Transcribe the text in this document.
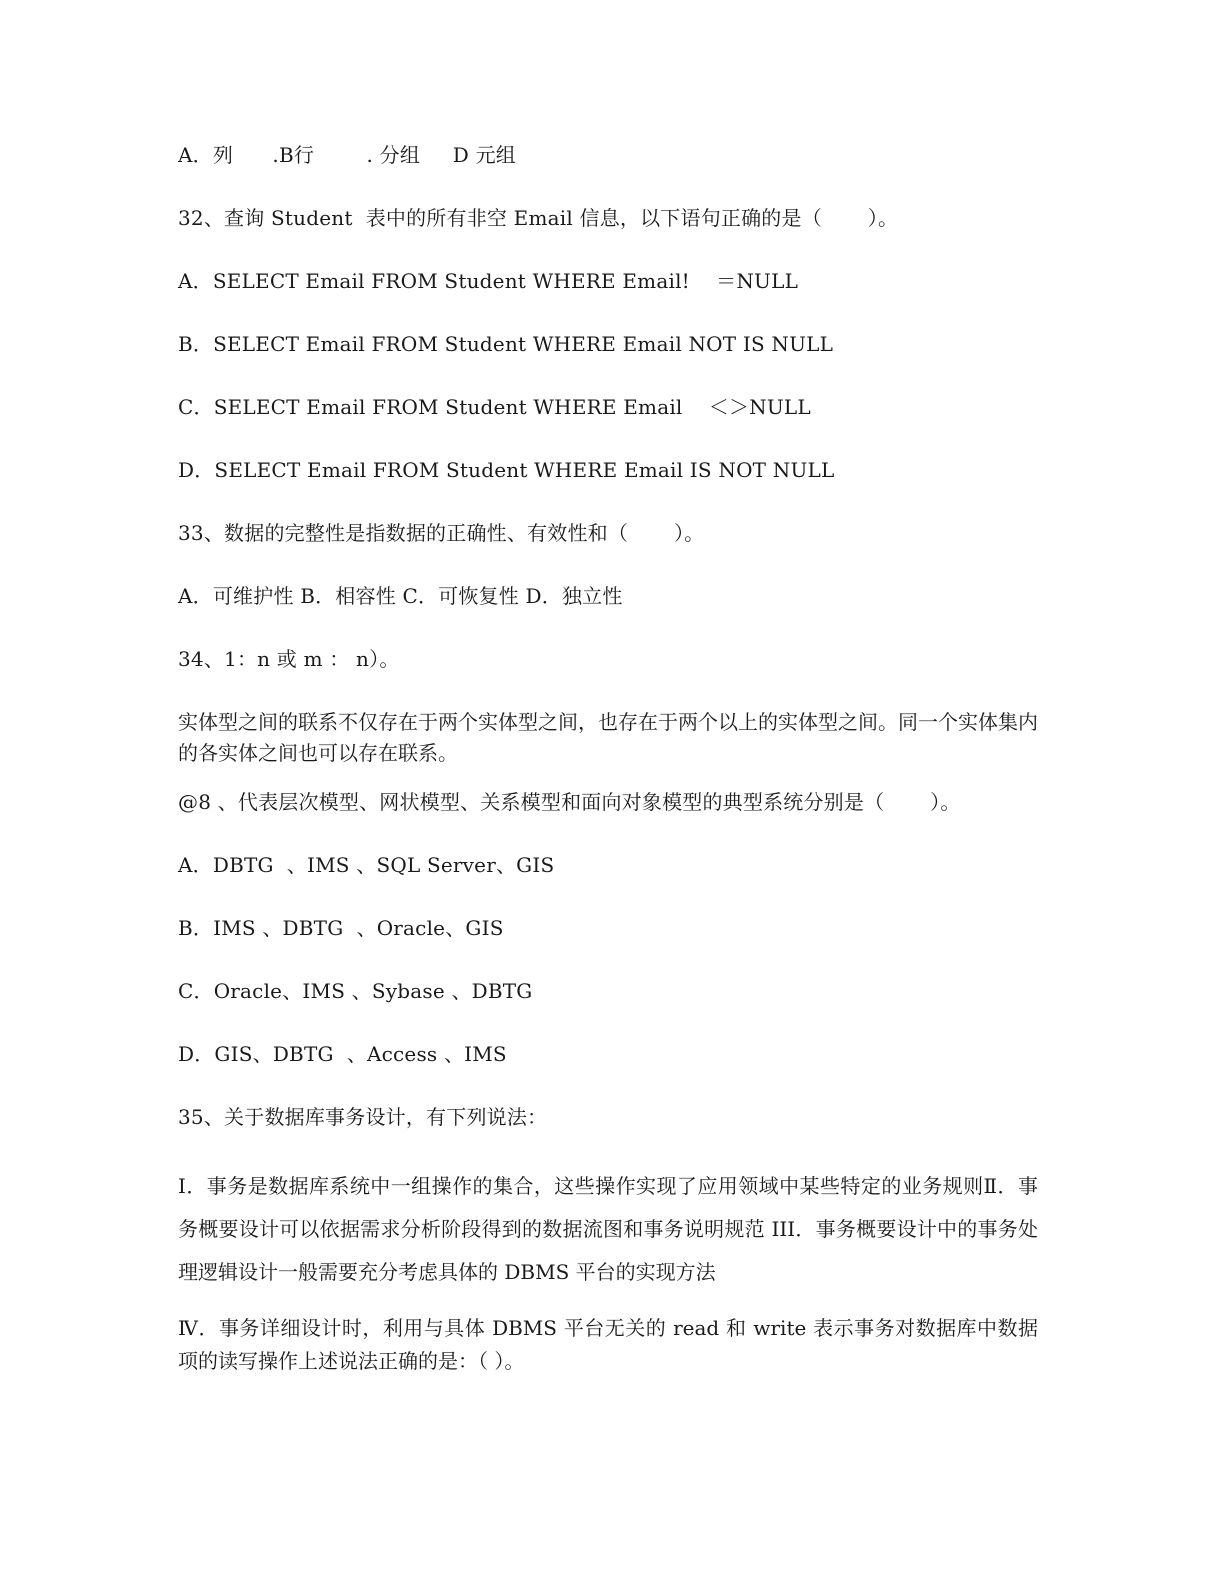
A．列      .B行        . 分组     D 元组

32、查询 Student  表中的所有非空 Email 信息，以下语句正确的是（       ）。

A．SELECT Email FROM Student WHERE Email!    ＝NULL

B．SELECT Email FROM Student WHERE Email NOT IS NULL

C．SELECT Email FROM Student WHERE Email    ＜＞NULL

D．SELECT Email FROM Student WHERE Email IS NOT NULL

33、数据的完整性是指数据的正确性、有效性和（       ）。

A．可维护性 B．相容性 C．可恢复性 D．独立性

34、1：n 或 m ： n）。

实体型之间的联系不仅存在于两个实体型之间，也存在于两个以上的实体型之间。同一个实体集内的各实体之间也可以存在联系。

@8 、代表层次模型、网状模型、关系模型和面向对象模型的典型系统分别是（       ）。

A．DBTG  、IMS 、SQL Server、GIS

B．IMS 、DBTG  、Oracle、GIS

C．Oracle、IMS 、Sybase 、DBTG

D．GIS、DBTG  、Access 、IMS

35、关于数据库事务设计，有下列说法：

Ⅰ．事务是数据库系统中一组操作的集合，这些操作实现了应用领域中某些特定的业务规则Ⅱ．事务概要设计可以依据需求分析阶段得到的数据流图和事务说明规范 III．事务概要设计中的事务处理逻辑设计一般需要充分考虑具体的 DBMS 平台的实现方法

Ⅳ．事务详细设计时，利用与具体 DBMS 平台无关的 read 和 write 表示事务对数据库中数据项的读写操作上述说法正确的是：（ ）。
